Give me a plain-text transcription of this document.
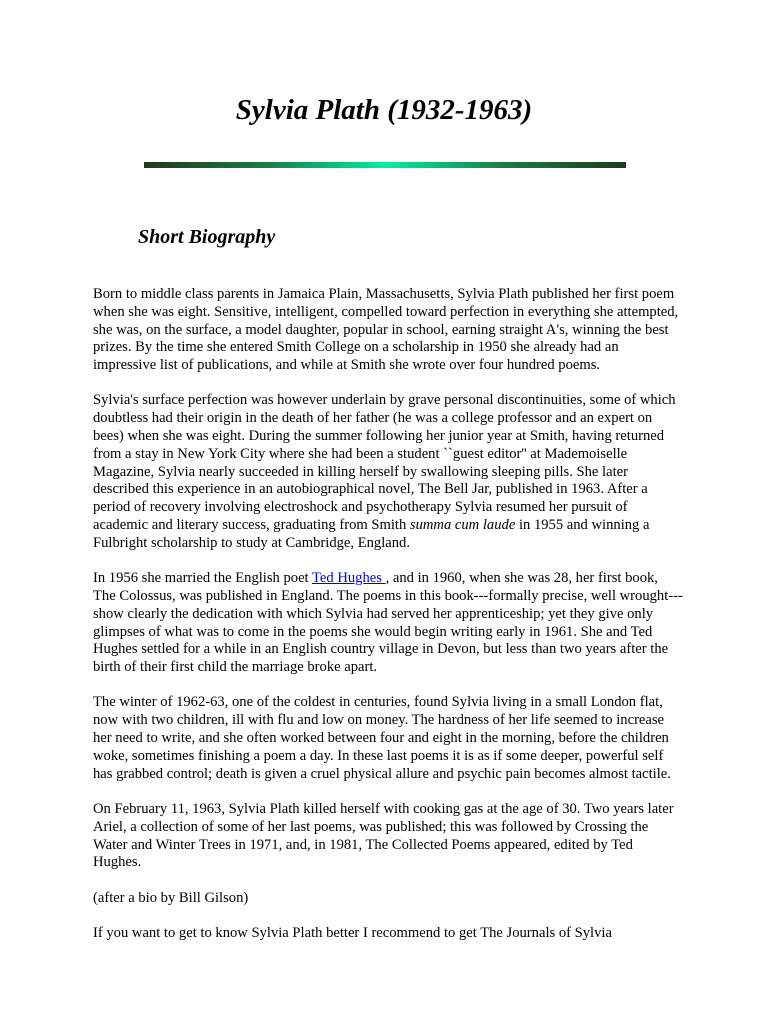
Sylvia Plath (1932-1963)
Short Biography

Born to middle class parents in Jamaica Plain, Massachusetts, Sylvia Plath published her first poem when she was eight. Sensitive, intelligent, compelled toward perfection in everything she attempted, she was, on the surface, a model daughter, popular in school, earning straight A's, winning the best prizes. By the time she entered Smith College on a scholarship in 1950 she already had an impressive list of publications, and while at Smith she wrote over four hundred poems.

Sylvia's surface perfection was however underlain by grave personal discontinuities, some of which doubtless had their origin in the death of her father (he was a college professor and an expert on bees) when she was eight. During the summer following her junior year at Smith, having returned from a stay in New York City where she had been a student ``guest editor'' at Mademoiselle Magazine, Sylvia nearly succeeded in killing herself by swallowing sleeping pills. She later described this experience in an autobiographical novel, The Bell Jar, published in 1963. After a period of recovery involving electroshock and psychotherapy Sylvia resumed her pursuit of academic and literary success, graduating from Smith summa cum laude in 1955 and winning a Fulbright scholarship to study at Cambridge, England.

In 1956 she married the English poet Ted Hughes , and in 1960, when she was 28, her first book, The Colossus, was published in England. The poems in this book---formally precise, well wrought---show clearly the dedication with which Sylvia had served her apprenticeship; yet they give only glimpses of what was to come in the poems she would begin writing early in 1961. She and Ted Hughes settled for a while in an English country village in Devon, but less than two years after the birth of their first child the marriage broke apart.

The winter of 1962-63, one of the coldest in centuries, found Sylvia living in a small London flat, now with two children, ill with flu and low on money. The hardness of her life seemed to increase her need to write, and she often worked between four and eight in the morning, before the children woke, sometimes finishing a poem a day. In these last poems it is as if some deeper, powerful self has grabbed control; death is given a cruel physical allure and psychic pain becomes almost tactile.

On February 11, 1963, Sylvia Plath killed herself with cooking gas at the age of 30. Two years later Ariel, a collection of some of her last poems, was published; this was followed by Crossing the Water and Winter Trees in 1971, and, in 1981, The Collected Poems appeared, edited by Ted Hughes.

(after a bio by Bill Gilson)

If you want to get to know Sylvia Plath better I recommend to get The Journals of Sylvia
